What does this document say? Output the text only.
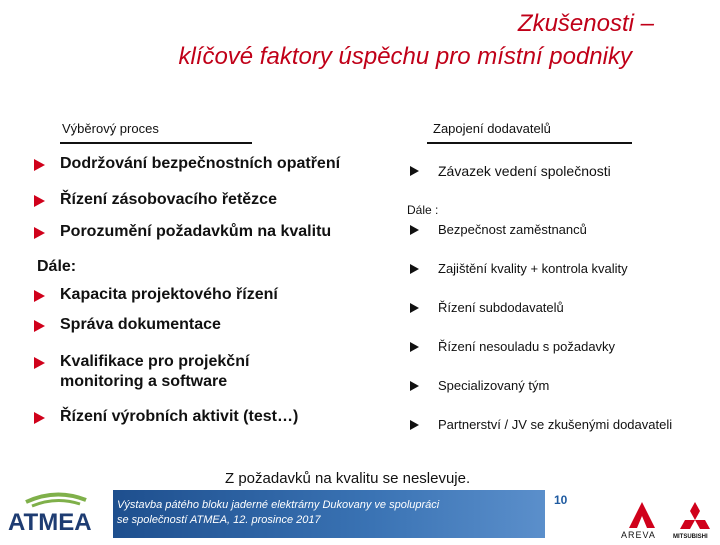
Zkušenosti –
klíčové faktory úspěchu pro místní podniky
Výběrový proces
Dodržování bezpečnostních opatření
Řízení zásobovacího řetězce
Porozumění požadavkům na kvalitu
Dále:
Kapacita projektového řízení
Správa dokumentace
Kvalifikace pro projekční
monitoring a software
Řízení výrobních aktivit (test…)
Zapojení dodavatelů
Závazek vedení společnosti
Dále :
Bezpečnost zaměstnanců
Zajištění kvality + kontrola kvality
Řízení subdodavatelů
Řízení nesouladu s požadavky
Specializovaný tým
Partnerství / JV se zkušenými dodavateli
Z požadavků na kvalitu se neslevuje.
ATMEA
Výstavba pátého bloku jaderné elektrárny Dukovany ve spolupráci
se společností ATMEA, 12. prosince 2017
10
AREVA	MITSUBISHI
